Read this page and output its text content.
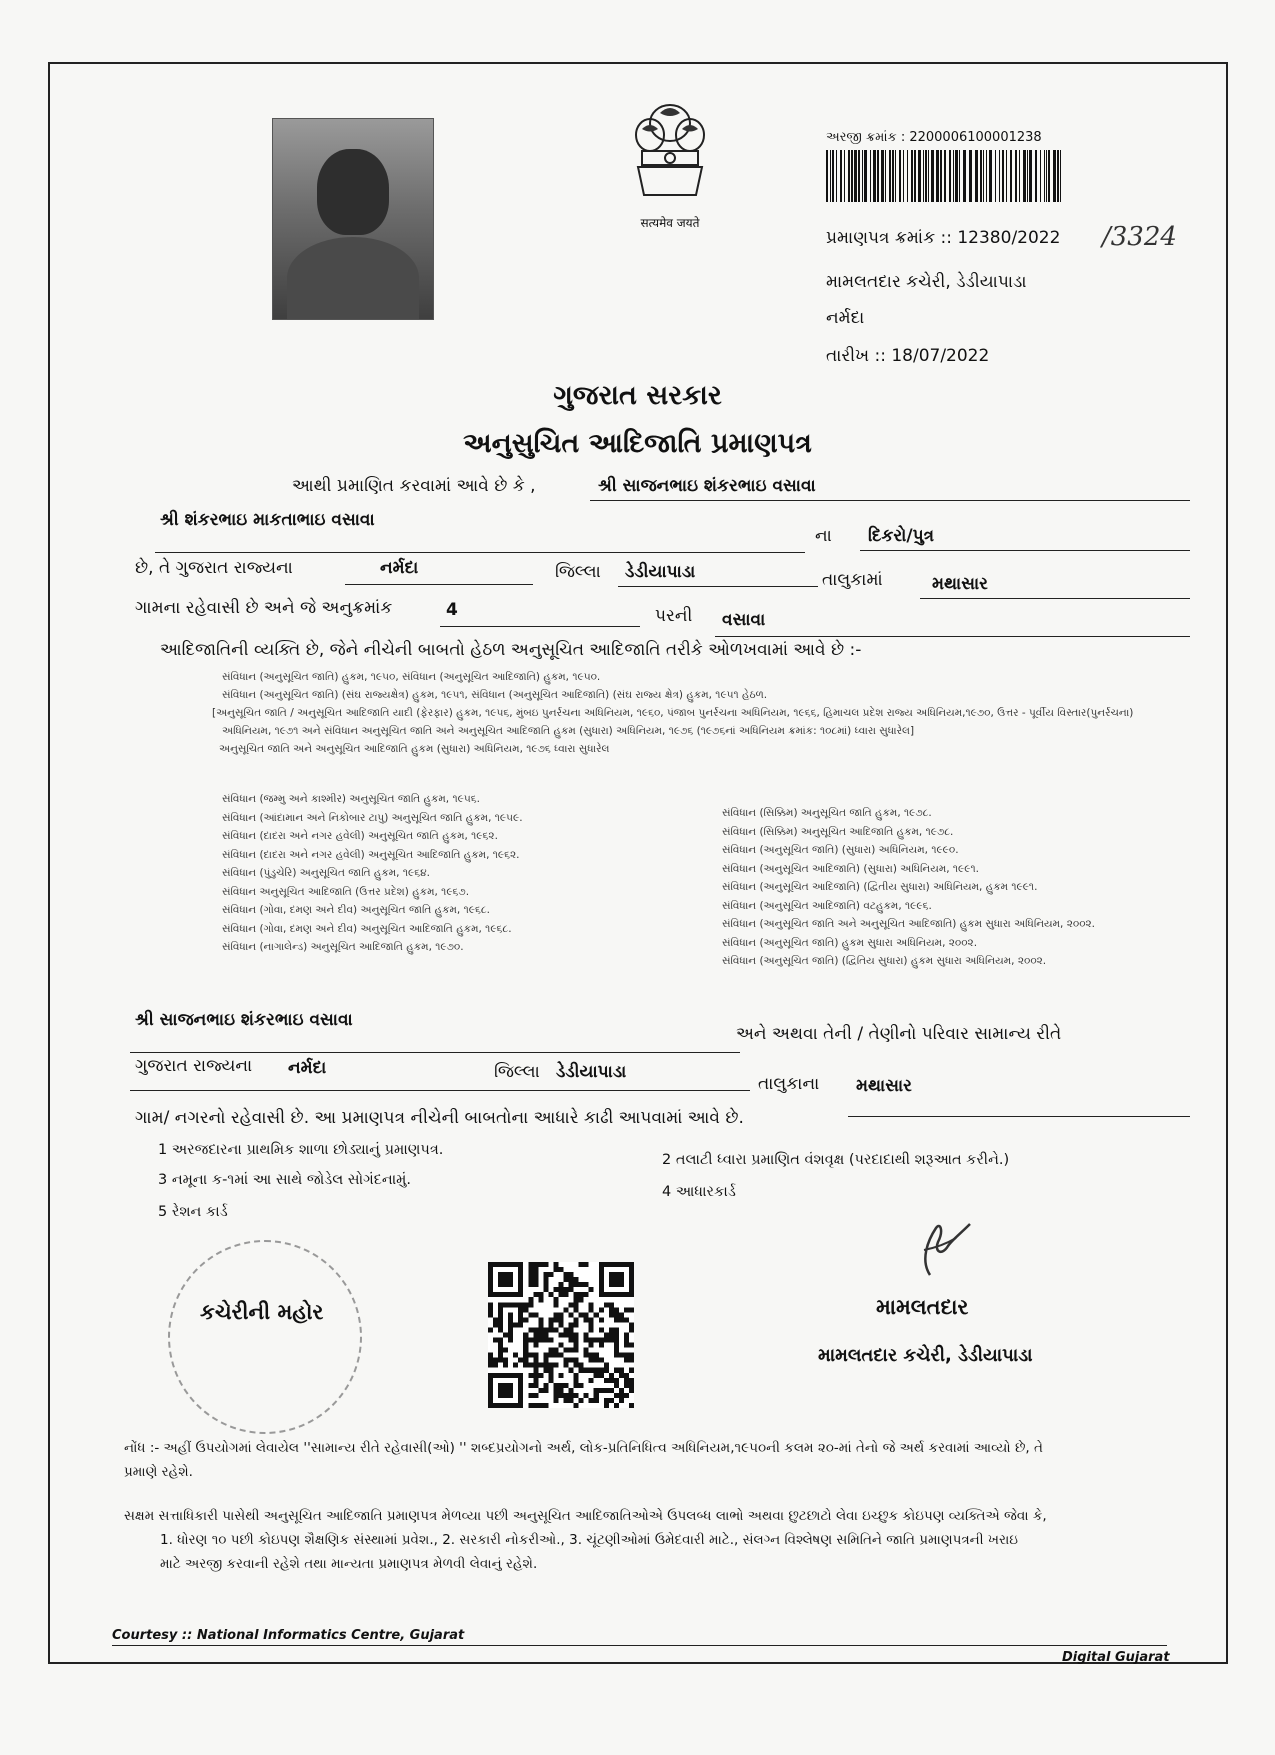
सत्यमेव जयते
અરજી ક્રમાંક : 2200006100001238
પ્રમાણપત્ર ક્રમાંક :: 12380/2022 /3324
મામલતદાર કચેરી, ડેડીયાપાડા
નર્મદા
તારીખ :: 18/07/2022
ગુજરાત સરકાર
અનુસુચિત આદિજાતિ પ્રમાણપત્ર
આથી પ્રમાણિત કરવામાં આવે છે કે ,	શ્રી સાજનભાઇ શંકરભાઇ વસાવા
શ્રી શંકરભાઇ માકતાભાઇ વસાવા
ના દિકરો/પુત્ર
છે, તે ગુજરાત રાજ્યના	નર્મદા	જિલ્લા ડેડીયાપાડા	તાલુકામાં	મથાસાર
ગામના રહેવાસી છે અને જે અનુક્રમાંક	4	પરની વસાવા
આદિજાતિની વ્યક્તિ છે, જેને નીચેની બાબતો હેઠળ અનુસૂચિત આદિજાતિ તરીકે ઓળખવામાં આવે છે :-
સંવિધાન (અનુસૂચિત જાતિ) હુકમ, ૧૯૫૦, સંવિધાન (અનુસૂચિત આદિજાતિ) હુકમ, ૧૯૫૦.
સંવિધાન (અનુસૂચિત જાતિ) (સંઘ રાજ્યક્ષેત્ર) હુકમ, ૧૯૫૧, સંવિધાન (અનુસૂચિત આદિજાતિ) (સંઘ રાજ્ય ક્ષેત્ર) હુકમ, ૧૯૫૧ હેઠળ.
[અનુસૂચિત જાતિ / અનુસૂચિત આદિજાતિ યાદી (ફેરફાર) હુકમ, ૧૯૫૬, મુંબઇ પુનર્રચના અધિનિયમ, ૧૯૬૦, પંજાબ પુનર્રચના અધિનિયમ, ૧૯૬૬, હિમાચલ પ્રદેશ રાજ્ય અધિનિયમ,૧૯૭૦, ઉત્તર - પૂર્વીય વિસ્તાર(પુનર્રચના)
અધિનિયમ, ૧૯૭૧ અને સંવિધાન અનુસૂચિત જાતિ અને અનુસૂચિત આદિજાતિ હુકમ (સુધારા) અધિનિયમ, ૧૯૭૬ (૧૯૭૬નાં અધિનિયમ ક્રમાંક: ૧૦૮માં) ધ્વારા સુધારેલ]
અનુસૂચિત જાતિ અને અનુસૂચિત આદિજાતિ હુકમ (સુધારા) અધિનિયમ, ૧૯૭૬ ધ્વારા સુધારેલ
સંવિધાન (જમ્મુ અને કાશ્મીર) અનુસૂચિત જાતિ હુકમ, ૧૯૫૬.
સંવિધાન (આંદામાન અને નિકોબાર ટાપુ) અનુસૂચિત જાતિ હુકમ, ૧૯૫૯.
સંવિધાન (દાદરા અને નગર હવેલી) અનુસૂચિત જાતિ હુકમ, ૧૯૬૨.
સંવિધાન (દાદરા અને નગર હવેલી) અનુસૂચિત આદિજાતિ હુકમ, ૧૯૬૨.
સંવિધાન (પુંડુચેરિ) અનુસૂચિત જાતિ હુકમ, ૧૯૬૪.
સંવિધાન અનુસૂચિત આદિજાતિ (ઉત્તર પ્રદેશ) હુકમ, ૧૯૬૭.
સંવિધાન (ગોવા, દમણ અને દીવ) અનુસૂચિત જાતિ હુકમ, ૧૯૬૮.
સંવિધાન (ગોવા, દમણ અને દીવ) અનુસૂચિત આદિજાતિ હુકમ, ૧૯૬૮.
સંવિધાન (નાગાલેન્ડ) અનુસૂચિત આદિજાતિ હુકમ, ૧૯૭૦.
સંવિધાન (સિક્કિમ) અનુસૂચિત જાતિ હુકમ, ૧૯૭૮.
સંવિધાન (સિક્કિમ) અનુસૂચિત આદિજાતિ હુકમ, ૧૯૭૮.
સંવિધાન (અનુસૂચિત જાતિ) (સુધારા) અધિનિયમ, ૧૯૯૦.
સંવિધાન (અનુસૂચિત આદિજાતિ) (સુધારા) અધિનિયમ, ૧૯૯૧.
સંવિધાન (અનુસૂચિત આદિજાતિ) (દ્વિતીય સુધારા) અધિનિયમ, હુકમ ૧૯૯૧.
સંવિધાન (અનુસૂચિત આદિજાતિ) વટહુકમ, ૧૯૯૬.
સંવિધાન (અનુસૂચિત જાતિ અને અનુસૂચિત આદિજાતિ) હુકમ સુધારા અધિનિયમ, ૨૦૦૨.
સંવિધાન (અનુસૂચિત જાતિ) હુકમ સુધારા અધિનિયમ, ૨૦૦૨.
સંવિધાન (અનુસૂચિત જાતિ) (દ્વિતિય સુધારા) હુકમ સુધારા અધિનિયમ, ૨૦૦૨.
શ્રી સાજનભાઇ શંકરભાઇ વસાવા
અને અથવા તેની / તેણીનો પરિવાર સામાન્ય રીતે
ગુજરાત રાજ્યના નર્મદા	જિલ્લા ડેડીયાપાડા
તાલુકાના મથાસાર
ગામ/ નગરનો રહેવાસી છે. આ પ્રમાણપત્ર નીચેની બાબતોના આધારે કાઢી આપવામાં આવે છે.
1 અરજદારના પ્રાથમિક શાળા છોડ્યાનું પ્રમાણપત્ર.
2 તલાટી ધ્વારા પ્રમાણિત વંશવૃક્ષ (પરદાદાથી શરૂઆત કરીને.)
3 નમૂના ક-૧માં આ સાથે જોડેલ સોગંદનામું.
4 આધારકાર્ડ
5 રેશન કાર્ડ
કચેરીની મહોર	મામલતદાર
મામલતદાર કચેરી, ડેડીયાપાડા
નોંધ :- અહીં ઉપયોગમાં લેવાયેલ ''સામાન્ય રીતે રહેવાસી(ઓ) '' શબ્દપ્રયોગનો અર્થ, લોક-પ્રતિનિધિત્વ અધિનિયમ,૧૯૫૦ની કલમ ૨૦-માં તેનો જે અર્થ કરવામાં આવ્યો છે, તે
પ્રમાણે રહેશે.
સક્ષમ સત્તાધિકારી પાસેથી અનુસૂચિત આદિજાતિ પ્રમાણપત્ર મેળવ્યા પછી અનુસૂચિત આદિજાતિઓએ ઉપલબ્ધ લાભો અથવા છુટછાટો લેવા ઇચ્છુક કોઇપણ વ્યક્તિએ જેવા કે,
1. ધોરણ ૧૦ પછી કોઇપણ શૈક્ષણિક સંસ્થામાં પ્રવેશ., 2. સરકારી નોકરીઓ., 3. ચૂંટણીઓમાં ઉમેદવારી માટે., સંલગ્ન વિશ્લેષણ સમિતિને જાતિ પ્રમાણપત્રની ખરાઇ
માટે અરજી કરવાની રહેશે તથા માન્યતા પ્રમાણપત્ર મેળવી લેવાનું રહેશે.
Courtesy :: National Informatics Centre, Gujarat
Digital Gujarat
